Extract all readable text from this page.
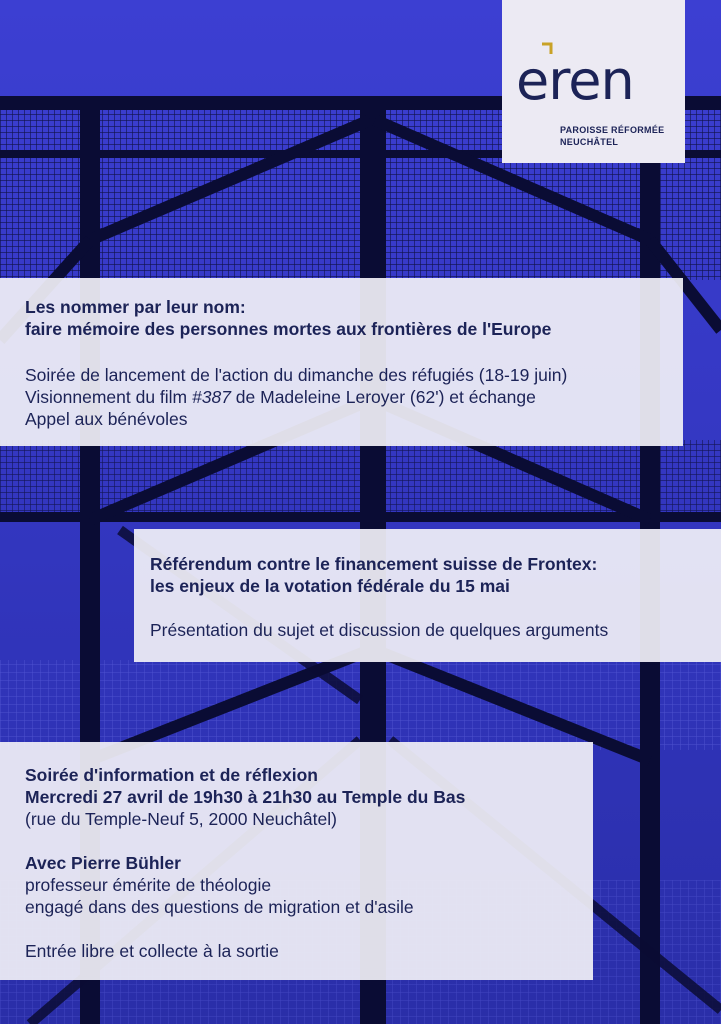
eren
PAROISSE RÉFORMÉE
NEUCHÂTEL
Les nommer par leur nom:
faire mémoire des personnes mortes aux frontières de l'Europe
Soirée de lancement de l'action du dimanche des réfugiés (18-19 juin)
Visionnement du film #387 de Madeleine Leroyer (62') et échange
Appel aux bénévoles
Référendum contre le financement suisse de Frontex:
les enjeux de la votation fédérale du 15 mai
Présentation du sujet et discussion de quelques arguments
Soirée d'information et de réflexion
Mercredi 27 avril de 19h30 à 21h30 au Temple du Bas
(rue du Temple-Neuf 5, 2000 Neuchâtel)
Avec Pierre Bühler
professeur émérite de théologie
engagé dans des questions de migration et d'asile
Entrée libre et collecte à la sortie
